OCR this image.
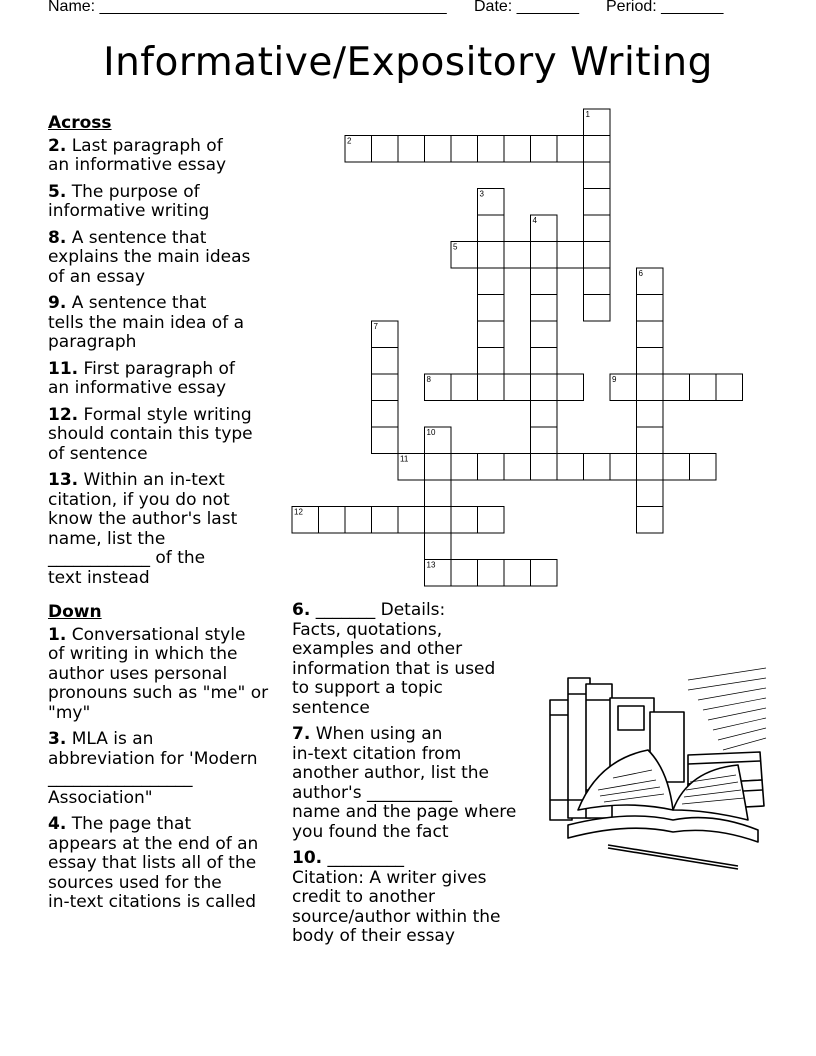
Name: _______________________________________ Date: _______ Period: _______
Informative/Expository Writing
Across
2. Last paragraph of
an informative essay
5. The purpose of
informative writing
8. A sentence that
explains the main ideas
of an essay
9. A sentence that
tells the main idea of a
paragraph
11. First paragraph of
an informative essay
12. Formal style writing
should contain this type
of sentence
13. Within an in-text
citation, if you do not
know the author's last
name, list the
____________ of the
text instead
Down
1. Conversational style
of writing in which the
author uses personal
pronouns such as "me" or
"my"
3. MLA is an
abbreviation for 'Modern
_________________
Association"
4. The page that
appears at the end of an
essay that lists all of the
sources used for the
in-text citations is called
6. _______ Details:
Facts, quotations,
examples and other
information that is used
to support a topic
sentence
7. When using an
in-text citation from
another author, list the
author's __________
name and the page where
you found the fact
10. _________
Citation: A writer gives
credit to another
source/author within the
body of their essay
1
2
3
4
5
6
7
8	9
10
13
11
12
